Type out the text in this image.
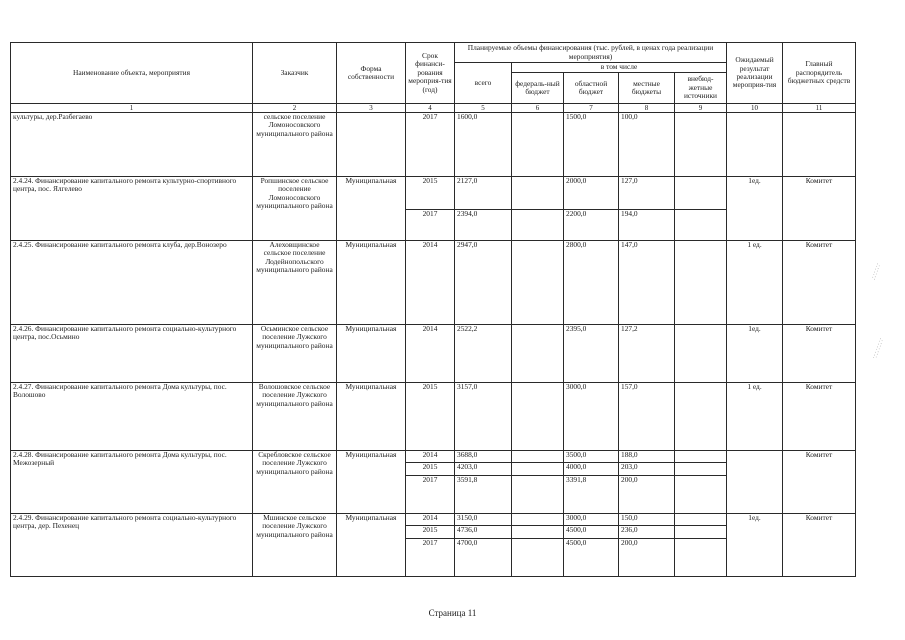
Наименование объекта, мероприятия	Заказчик	Форма собственности	Срок финанси-рования мероприя-тия (год)	Планируемые объемы финансирования (тыс. рублей, в ценах года реализации мероприятия)					Ожидаемый результат реализации мероприя-тия	Главный распорядитель бюджетных средств
				всего	в том числе					
					федераль-ный бюджет	областной бюджет	местные бюджеты	внебюд-жетные источники		
1	2	3	4	5	6	7	8	9	10	11
культуры, дер.Разбегаево	сельское поселение Ломоносовского муниципального района		2017	1600,0		1500,0	100,0			
2.4.24. Финансирование капитального ремонта культурно-спортивного центра, пос. Ялгелево	Ропшинское сельское поселение Ломоносовского муниципального района	Муниципальная	2015	2127,0		2000,0	127,0		1ед.	Комитет
			2017	2394,0		2200,0	194,0			
2.4.25. Финансирование капитального ремонта клуба, дер.Вонозеро	Алеховщинское сельское поселение Лодейнопольского муниципального района	Муниципальная	2014	2947,0		2800,0	147,0		1 ед.	Комитет
2.4.26. Финансирование капитального ремонта социально-культурного центра, пос.Осьмино	Осьминское сельское поселение Лужского муниципального района	Муниципальная	2014	2522,2		2395,0	127,2		1ед.	Комитет
2.4.27. Финансирование капитального ремонта Дома культуры, пос. Волошово	Волошовское сельское поселение Лужского муниципального района	Муниципальная	2015	3157,0		3000,0	157,0		1 ед.	Комитет
2.4.28. Финансирование капитального ремонта Дома культуры, пос. Межозерный	Скребловское сельское поселение Лужского муниципального района	Муниципальная	2014	3688,0		3500,0	188,0			Комитет
			2015	4203,0		4000,0	203,0			
			2017	3591,8		3391,8	200,0			
2.4.29. Финансирование капитального ремонта социально-культурного центра, дер. Пехенец	Мшинское сельское поселение Лужского муниципального района	Муниципальная	2014	3150,0		3000,0	150,0		1ед.	Комитет
			2015	4736,0		4500,0	236,0			
			2017	4700,0		4500,0	200,0			
Страница 11
∴∵∴∵
∵∴∵∴∵
